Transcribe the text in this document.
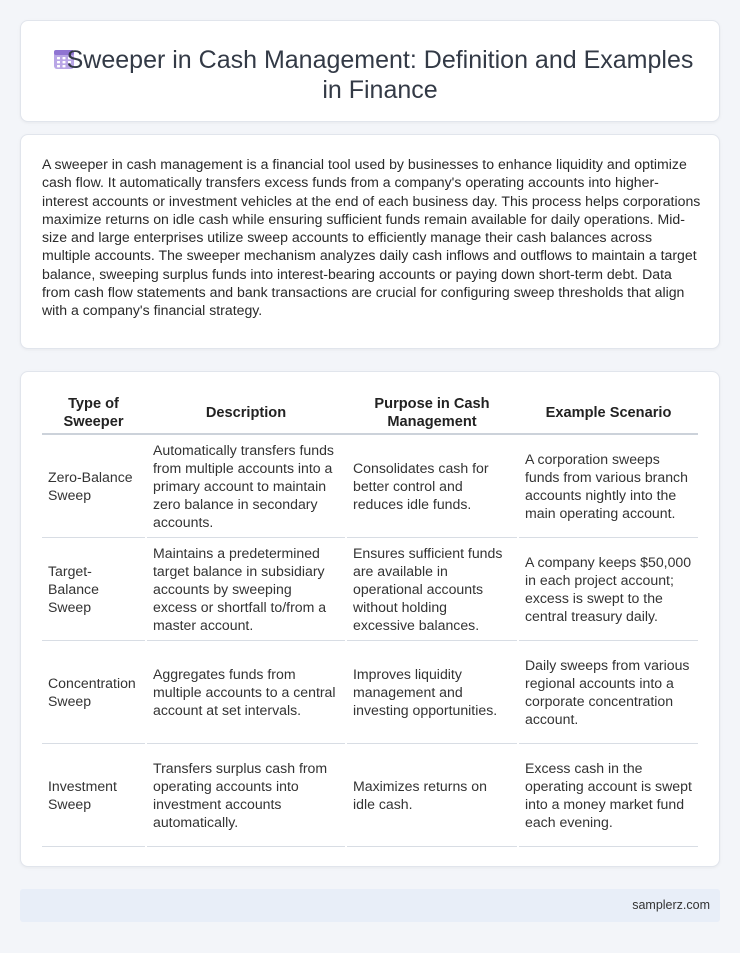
Sweeper in Cash Management: Definition and Examples in Finance

A sweeper in cash management is a financial tool used by businesses to enhance liquidity and optimize cash flow. It automatically transfers excess funds from a company's operating accounts into higher-interest accounts or investment vehicles at the end of each business day. This process helps corporations maximize returns on idle cash while ensuring sufficient funds remain available for daily operations. Mid-size and large enterprises utilize sweep accounts to efficiently manage their cash balances across multiple accounts. The sweeper mechanism analyzes daily cash inflows and outflows to maintain a target balance, sweeping surplus funds into interest-bearing accounts or paying down short-term debt. Data from cash flow statements and bank transactions are crucial for configuring sweep thresholds that align with a company's financial strategy.

Type of Sweeper	Description	Purpose in Cash Management	Example Scenario
Zero-Balance Sweep	Automatically transfers funds from multiple accounts into a primary account to maintain zero balance in secondary accounts.	Consolidates cash for better control and reduces idle funds.	A corporation sweeps funds from various branch accounts nightly into the main operating account.
Target-Balance Sweep	Maintains a predetermined target balance in subsidiary accounts by sweeping excess or shortfall to/from a master account.	Ensures sufficient funds are available in operational accounts without holding excessive balances.	A company keeps $50,000 in each project account; excess is swept to the central treasury daily.
Concentration Sweep	Aggregates funds from multiple accounts to a central account at set intervals.	Improves liquidity management and investing opportunities.	Daily sweeps from various regional accounts into a corporate concentration account.
Investment Sweep	Transfers surplus cash from operating accounts into investment accounts automatically.	Maximizes returns on idle cash.	Excess cash in the operating account is swept into a money market fund each evening.
samplerz.com
